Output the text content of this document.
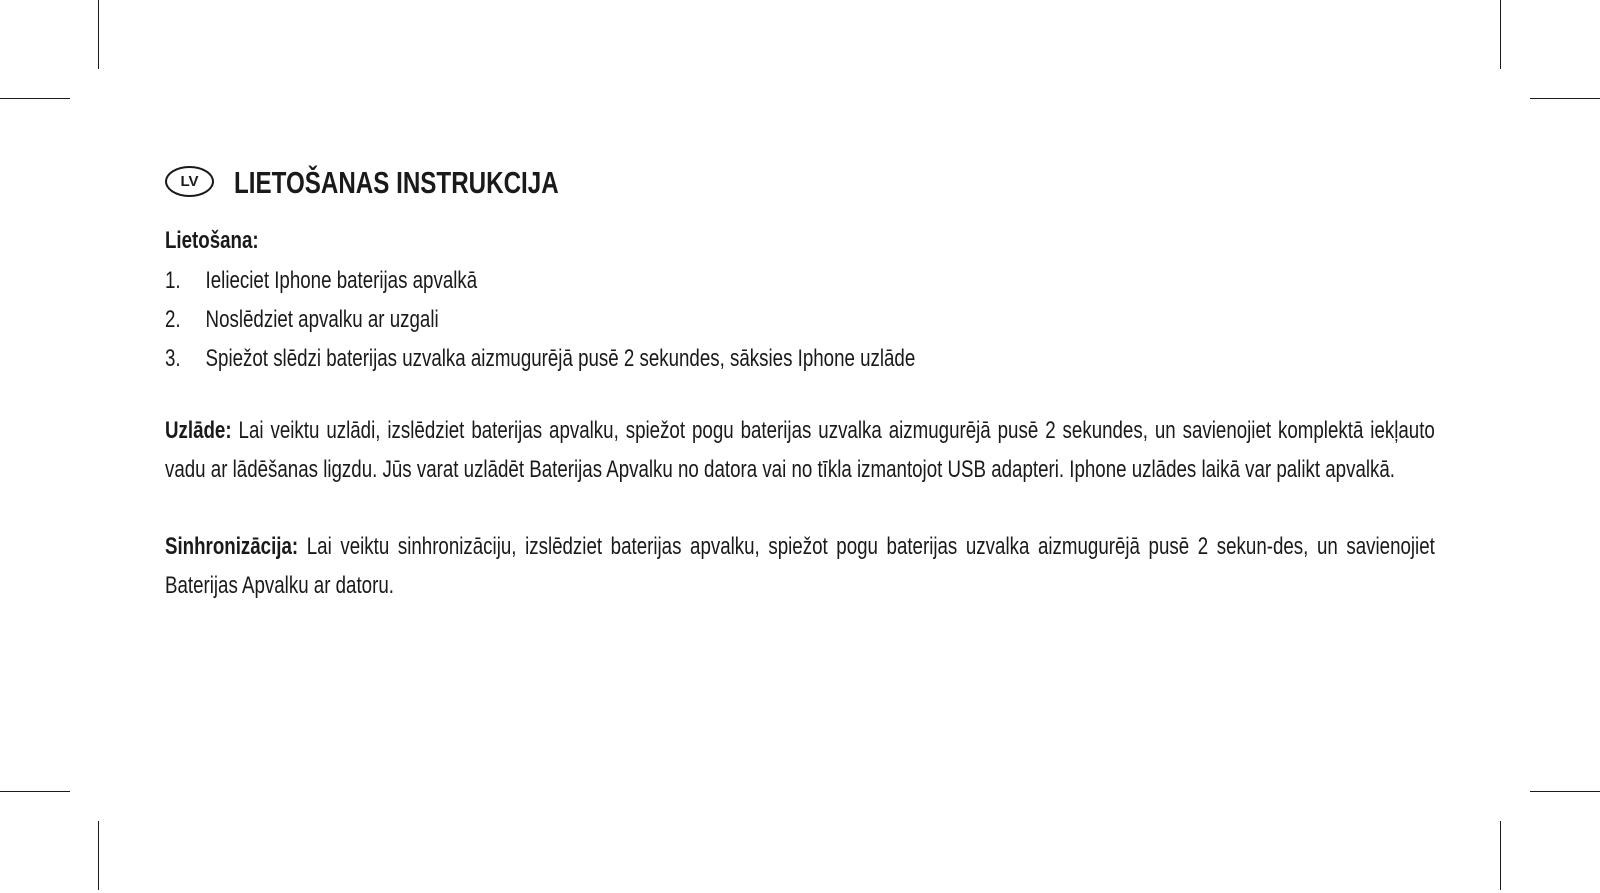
LV LIETOŠANAS INSTRUKCIJA
Lietošana:
1.	Ielieciet Iphone baterijas apvalkā
2.	Noslēdziet apvalku ar uzgali
3.	Spiežot slēdzi baterijas uzvalka aizmugurējā pusē 2 sekundes, sāksies Iphone uzlāde

Uzlāde: Lai veiktu uzlādi, izslēdziet baterijas apvalku, spiežot pogu baterijas uzvalka aizmugurējā pusē 2 sekundes, un savienojiet komplektā iekļauto vadu ar lādēšanas ligzdu. Jūs varat uzlādēt Baterijas Apvalku no datora vai no tīkla izmantojot USB adapteri. Iphone uzlādes laikā var palikt apvalkā.

Sinhronizācija: Lai veiktu sinhronizāciju, izslēdziet baterijas apvalku, spiežot pogu baterijas uzvalka aizmugurējā pusē 2 sekun-des, un savienojiet Baterijas Apvalku ar datoru.
